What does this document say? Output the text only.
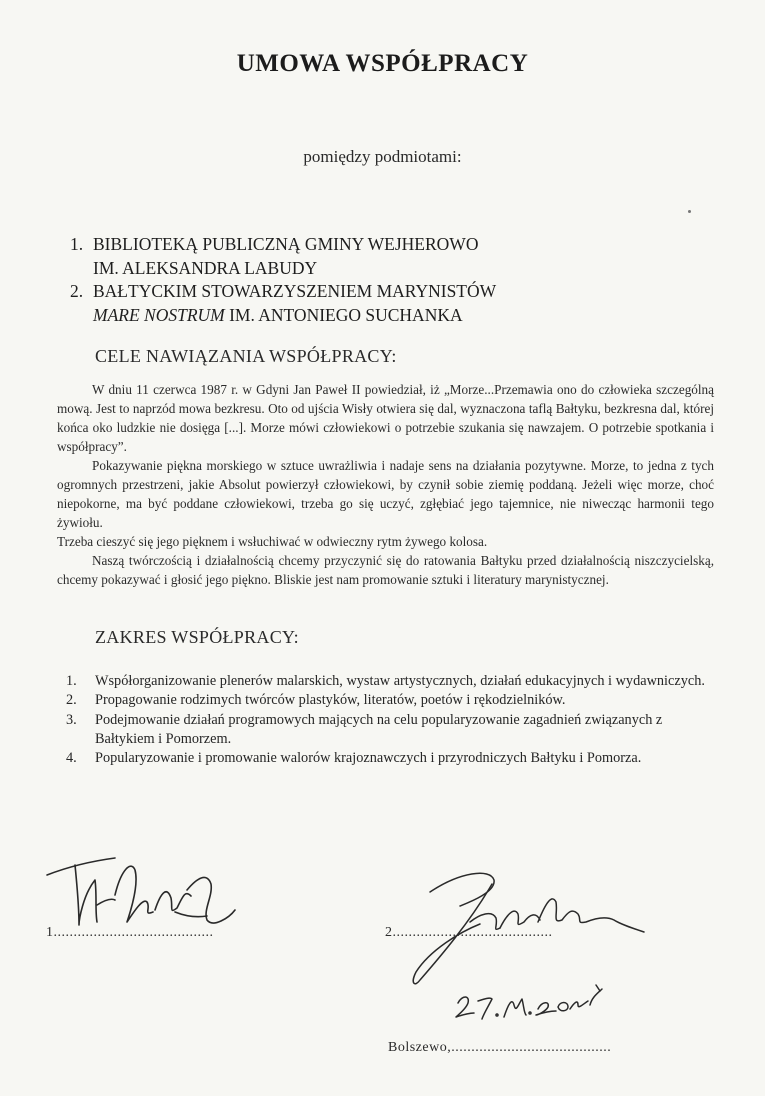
UMOWA WSPÓŁPRACY
pomiędzy podmiotami:
1. BIBLIOTEKĄ PUBLICZNĄ GMINY WEJHEROWO
IM. ALEKSANDRA LABUDY
2. BAŁTYCKIM STOWARZYSZENIEM MARYNISTÓW
MARE NOSTRUM IM. ANTONIEGO SUCHANKA
CELE NAWIĄZANIA WSPÓŁPRACY:

W dniu 11 czerwca 1987 r. w Gdyni Jan Paweł II powiedział, iż „Morze...Przemawia ono do człowieka szczególną mową. Jest to naprzód mowa bezkresu. Oto od ujścia Wisły otwiera się dal, wyznaczona taflą Bałtyku, bezkresna dal, której końca oko ludzkie nie dosięga [...]. Morze mówi człowiekowi o potrzebie szukania się nawzajem. O potrzebie spotkania i współpracy”.

Pokazywanie piękna morskiego w sztuce uwrażliwia i nadaje sens na działania pozytywne. Morze, to jedna z tych ogromnych przestrzeni, jakie Absolut powierzył człowiekowi, by czynił sobie ziemię poddaną. Jeżeli więc morze, choć niepokorne, ma być poddane człowiekowi, trzeba go się uczyć, zgłębiać jego tajemnice, nie niwecząc harmonii tego żywiołu.

Trzeba cieszyć się jego pięknem i wsłuchiwać w odwieczny rytm żywego kolosa.

Naszą twórczością i działalnością chcemy przyczynić się do ratowania Bałtyku przed działalnością niszczycielską, chcemy pokazywać i głosić jego piękno. Bliskie jest nam promowanie sztuki i literatury marynistycznej.

ZAKRES WSPÓŁPRACY:
1.	Współorganizowanie plenerów malarskich, wystaw artystycznych, działań edukacyjnych i wydawniczych.
2.	Propagowanie rodzimych twórców plastyków, literatów, poetów i rękodzielników.
3.	Podejmowanie działań programowych mających na celu popularyzowanie zagadnień związanych z Bałtykiem i Pomorzem.
4.	Popularyzowanie i promowanie walorów krajoznawczych i przyrodniczych Bałtyku i Pomorza.
1........................................	2........................................
Bolszewo,........................................
